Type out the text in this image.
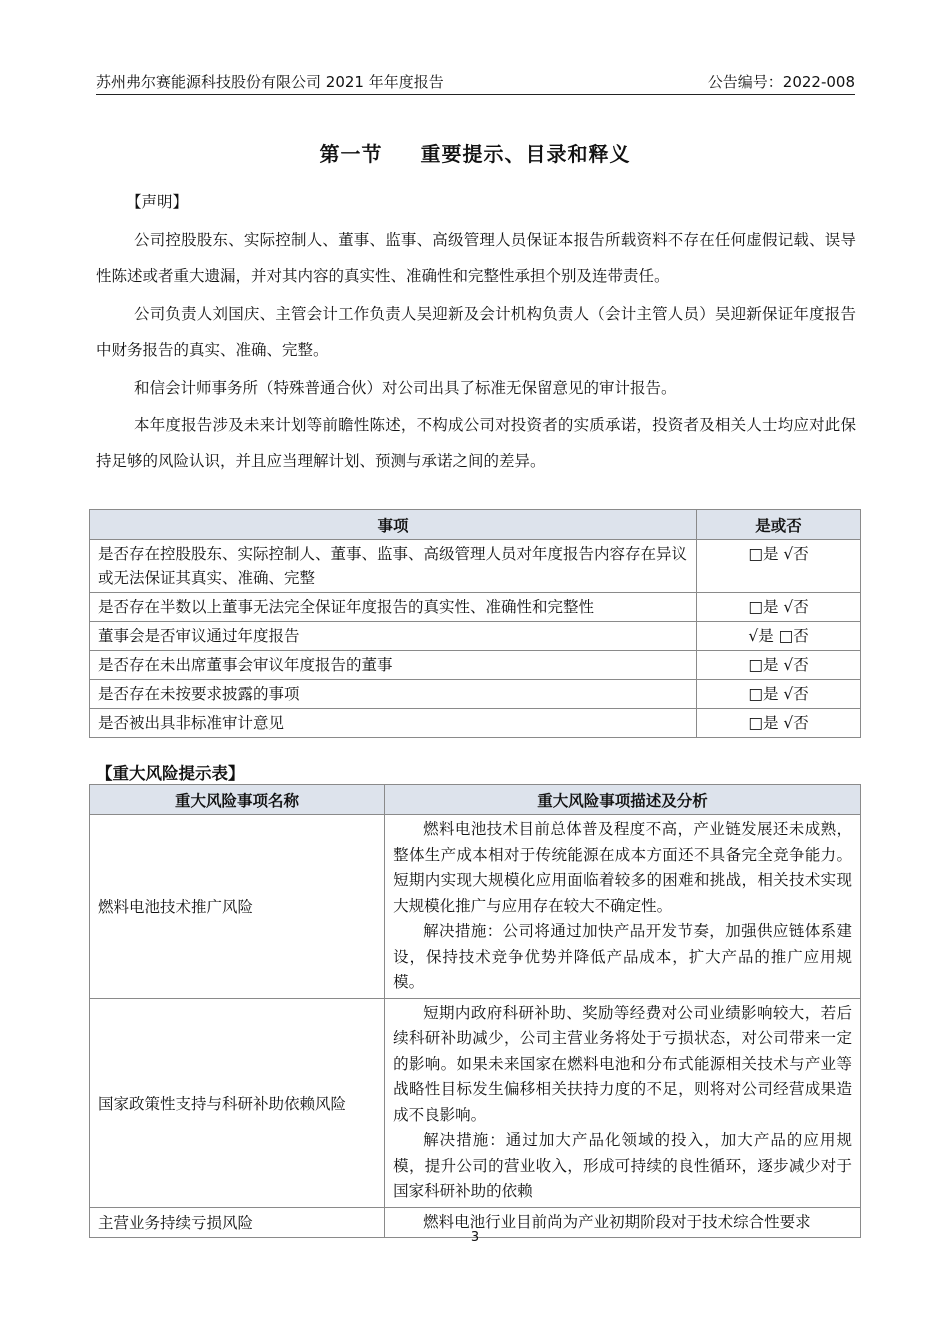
苏州弗尔赛能源科技股份有限公司 2021 年年度报告	公告编号：2022-008
第一节 重要提示、目录和释义
【声明】
公司控股股东、实际控制人、董事、监事、高级管理人员保证本报告所载资料不存在任何虚假记载、误导性陈述或者重大遗漏，并对其内容的真实性、准确性和完整性承担个别及连带责任。
公司负责人刘国庆、主管会计工作负责人吴迎新及会计机构负责人（会计主管人员）吴迎新保证年度报告中财务报告的真实、准确、完整。
和信会计师事务所（特殊普通合伙）对公司出具了标准无保留意见的审计报告。
本年度报告涉及未来计划等前瞻性陈述，不构成公司对投资者的实质承诺，投资者及相关人士均应对此保持足够的风险认识，并且应当理解计划、预测与承诺之间的差异。
事项	是或否
是否存在控股股东、实际控制人、董事、监事、高级管理人员对年度报告内容存在异议或无法保证其真实、准确、完整	□是 √否
是否存在半数以上董事无法完全保证年度报告的真实性、准确性和完整性	□是 √否
董事会是否审议通过年度报告	√是 □否
是否存在未出席董事会审议年度报告的董事	□是 √否
是否存在未按要求披露的事项	□是 √否
是否被出具非标准审计意见	□是 √否
【重大风险提示表】
重大风险事项名称	重大风险事项描述及分析
燃料电池技术推广风险	燃料电池技术目前总体普及程度不高，产业链发展还未成熟，整体生产成本相对于传统能源在成本方面还不具备完全竞争能力。短期内实现大规模化应用面临着较多的困难和挑战，相关技术实现大规模化推广与应用存在较大不确定性。

解决措施：公司将通过加快产品开发节奏，加强供应链体系建设，保持技术竞争优势并降低产品成本，扩大产品的推广应用规模。

国家政策性支持与科研补助依赖风险	短期内政府科研补助、奖励等经费对公司业绩影响较大，若后续科研补助减少，公司主营业务将处于亏损状态，对公司带来一定的影响。如果未来国家在燃料电池和分布式能源相关技术与产业等战略性目标发生偏移相关扶持力度的不足，则将对公司经营成果造成不良影响。

解决措施：通过加大产品化领域的投入，加大产品的应用规模，提升公司的营业收入，形成可持续的良性循环，逐步减少对于国家科研补助的依赖

主营业务持续亏损风险	燃料电池行业目前尚为产业初期阶段对于技术综合性要求

3
